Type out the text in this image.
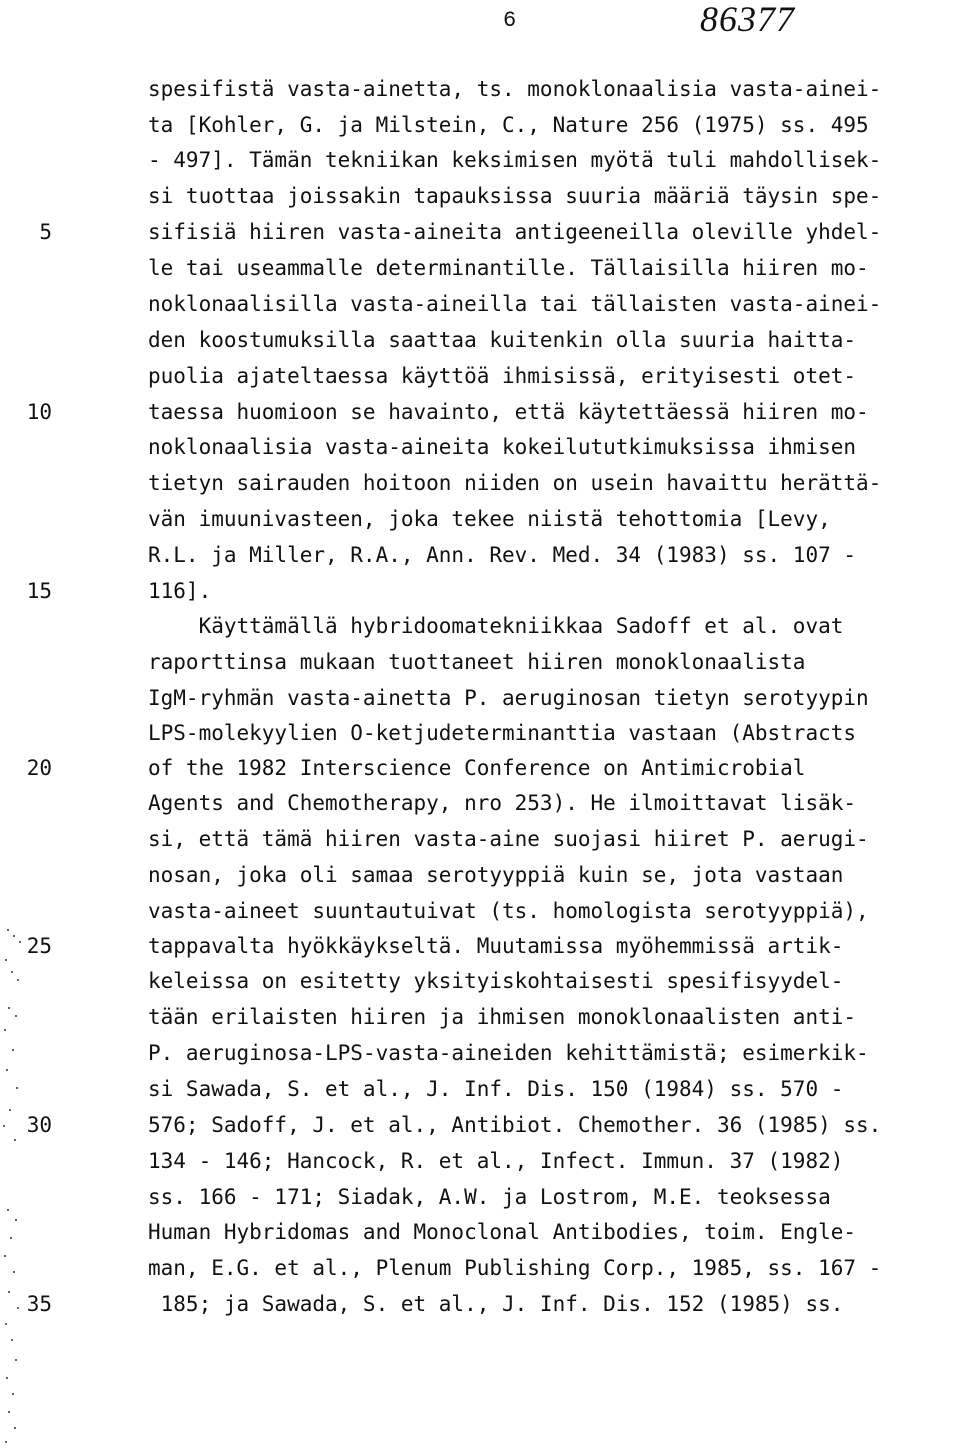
6	86377
spesifistä vasta-ainetta, ts. monoklonaalisia vasta-ainei-
ta [Kohler, G. ja Milstein, C., Nature 256 (1975) ss. 495
- 497]. Tämän tekniikan keksimisen myötä tuli mahdollisek-
si tuottaa joissakin tapauksissa suuria määriä täysin spe-
sifisiä hiiren vasta-aineita antigeeneilla oleville yhdel-
le tai useammalle determinantille. Tällaisilla hiiren mo-
noklonaalisilla vasta-aineilla tai tällaisten vasta-ainei-
den koostumuksilla saattaa kuitenkin olla suuria haitta-
puolia ajateltaessa käyttöä ihmisissä, erityisesti otet-
taessa huomioon se havainto, että käytettäessä hiiren mo-
noklonaalisia vasta-aineita kokeilututkimuksissa ihmisen
tietyn sairauden hoitoon niiden on usein havaittu herättä-
vän imuunivasteen, joka tekee niistä tehottomia [Levy,
R.L. ja Miller, R.A., Ann. Rev. Med. 34 (1983) ss. 107 -
116].
Käyttämällä hybridoomatekniikkaa Sadoff et al. ovat
raporttinsa mukaan tuottaneet hiiren monoklonaalista
IgM-ryhmän vasta-ainetta P. aeruginosan tietyn serotyypin
LPS-molekyylien O-ketjudeterminanttia vastaan (Abstracts
of the 1982 Interscience Conference on Antimicrobial
Agents and Chemotherapy, nro 253). He ilmoittavat lisäk-
si, että tämä hiiren vasta-aine suojasi hiiret P. aerugi-
nosan, joka oli samaa serotyyppiä kuin se, jota vastaan
vasta-aineet suuntautuivat (ts. homologista serotyyppiä),
tappavalta hyökkäykseltä. Muutamissa myöhemmissä artik-
keleissa on esitetty yksityiskohtaisesti spesifisyydel-
tään erilaisten hiiren ja ihmisen monoklonaalisten anti-
P. aeruginosa-LPS-vasta-aineiden kehittämistä; esimerkik-
si Sawada, S. et al., J. Inf. Dis. 150 (1984) ss. 570 -
576; Sadoff, J. et al., Antibiot. Chemother. 36 (1985) ss.
134 - 146; Hancock, R. et al., Infect. Immun. 37 (1982)
ss. 166 - 171; Siadak, A.W. ja Lostrom, M.E. teoksessa
Human Hybridomas and Monoclonal Antibodies, toim. Engle-
man, E.G. et al., Plenum Publishing Corp., 1985, ss. 167 -
185; ja Sawada, S. et al., J. Inf. Dis. 152 (1985) ss.
5
10
15
20
25
30
35
